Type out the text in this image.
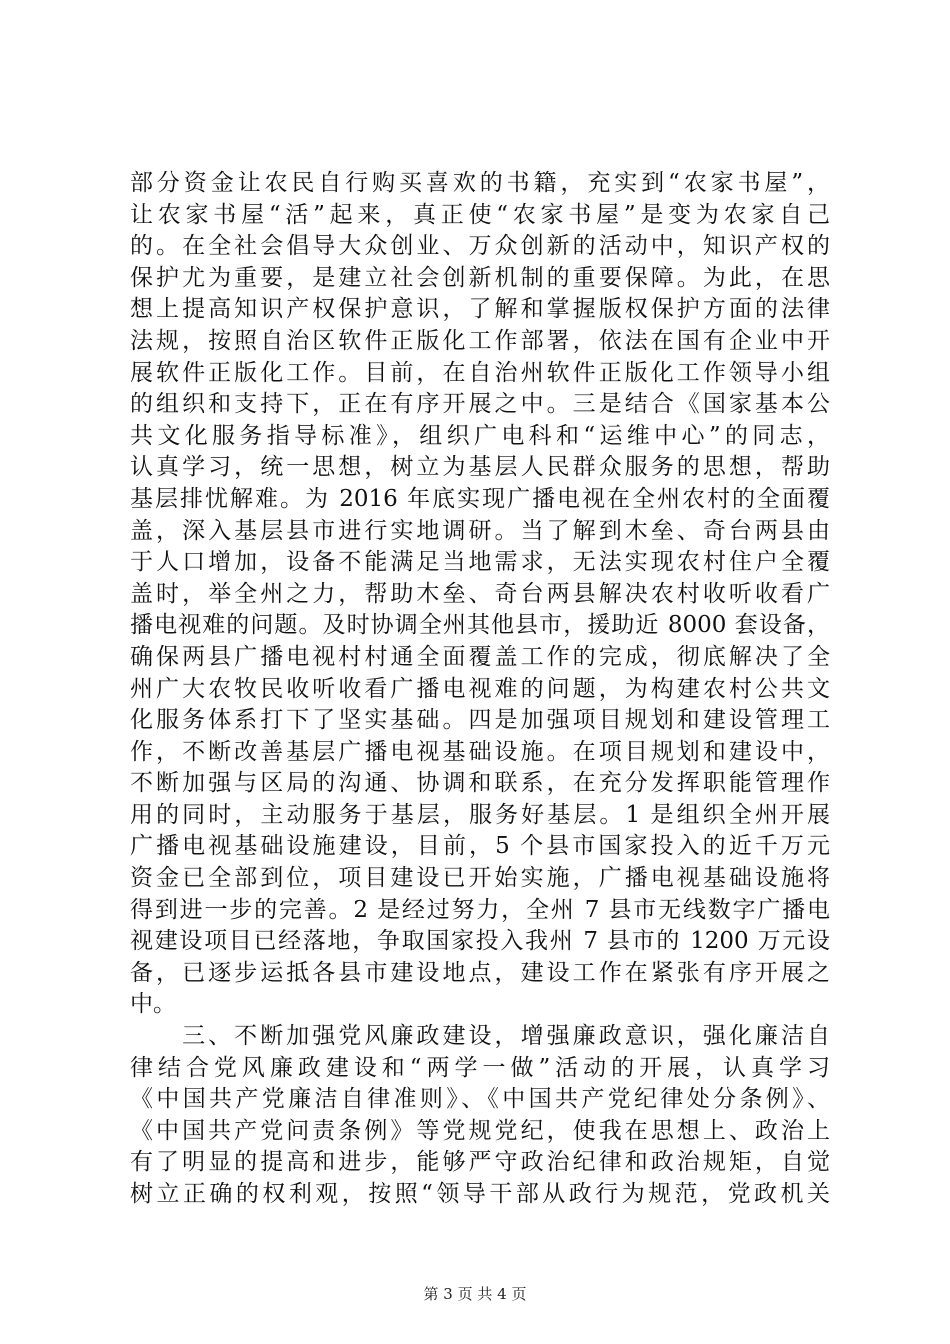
部分资金让农民自行购买喜欢的书籍，充实到“农家书屋”，
让农家书屋“活”起来，真正使“农家书屋”是变为农家自己
的。在全社会倡导大众创业、万众创新的活动中，知识产权的
保护尤为重要，是建立社会创新机制的重要保障。为此，在思
想上提高知识产权保护意识，了解和掌握版权保护方面的法律
法规，按照自治区软件正版化工作部署，依法在国有企业中开
展软件正版化工作。目前，在自治州软件正版化工作领导小组
的组织和支持下，正在有序开展之中。三是结合《国家基本公
共文化服务指导标准》，组织广电科和“运维中心”的同志，
认真学习，统一思想，树立为基层人民群众服务的思想，帮助
基层排忧解难。为 2016 年底实现广播电视在全州农村的全面覆
盖，深入基层县市进行实地调研。当了解到木垒、奇台两县由
于人口增加，设备不能满足当地需求，无法实现农村住户全覆
盖时，举全州之力，帮助木垒、奇台两县解决农村收听收看广
播电视难的问题。及时协调全州其他县市，援助近 8000 套设备，
确保两县广播电视村村通全面覆盖工作的完成，彻底解决了全
州广大农牧民收听收看广播电视难的问题，为构建农村公共文
化服务体系打下了坚实基础。四是加强项目规划和建设管理工
作，不断改善基层广播电视基础设施。在项目规划和建设中，
不断加强与区局的沟通、协调和联系，在充分发挥职能管理作
用的同时，主动服务于基层，服务好基层。1 是组织全州开展
广播电视基础设施建设，目前，5 个县市国家投入的近千万元
资金已全部到位，项目建设已开始实施，广播电视基础设施将
得到进一步的完善。2 是经过努力，全州 7 县市无线数字广播电
视建设项目已经落地，争取国家投入我州 7 县市的 1200 万元设
备，已逐步运抵各县市建设地点，建设工作在紧张有序开展之
中。
　　三、不断加强党风廉政建设，增强廉政意识，强化廉洁自
律结合党风廉政建设和“两学一做”活动的开展，认真学习
《中国共产党廉洁自律准则》、《中国共产党纪律处分条例》、
《中国共产党问责条例》等党规党纪，使我在思想上、政治上
有了明显的提高和进步，能够严守政治纪律和政治规矩，自觉
树立正确的权利观，按照“领导干部从政行为规范，党政机关
第 3 页 共 4 页
